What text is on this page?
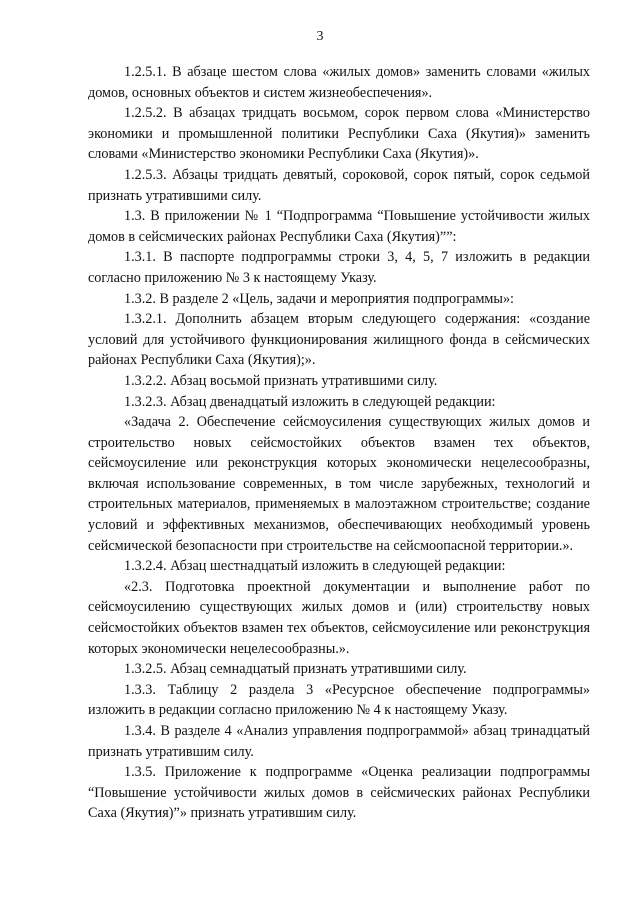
3

1.2.5.1. В абзаце шестом слова «жилых домов» заменить словами «жилых домов, основных объектов и систем жизнеобеспечения».

1.2.5.2. В абзацах тридцать восьмом, сорок первом слова «Министерство экономики и промышленной политики Республики Саха (Якутия)» заменить словами «Министерство экономики Республики Саха (Якутия)».

1.2.5.3. Абзацы тридцать девятый, сороковой, сорок пятый, сорок седьмой признать утратившими силу.

1.3. В приложении № 1 “Подпрограмма “Повышение устойчивости жилых домов в сейсмических районах Республики Саха (Якутия)””:

1.3.1. В паспорте подпрограммы строки 3, 4, 5, 7 изложить в редакции согласно приложению № 3 к настоящему Указу.

1.3.2. В разделе 2 «Цель, задачи и мероприятия подпрограммы»:

1.3.2.1. Дополнить абзацем вторым следующего содержания: «создание условий для устойчивого функционирования жилищного фонда в сейсмических районах Республики Саха (Якутия);».

1.3.2.2. Абзац восьмой признать утратившими силу.

1.3.2.3. Абзац двенадцатый изложить в следующей редакции:

«Задача 2. Обеспечение сейсмоусиления существующих жилых домов и строительство новых сейсмостойких объектов взамен тех объектов, сейсмоусиление или реконструкция которых экономически нецелесообразны, включая использование современных, в том числе зарубежных, технологий и строительных материалов, применяемых в малоэтажном строительстве; создание условий и эффективных механизмов, обеспечивающих необходимый уровень сейсмической безопасности при строительстве на сейсмоопасной территории.».

1.3.2.4. Абзац шестнадцатый изложить в следующей редакции:

«2.3. Подготовка проектной документации и выполнение работ по сейсмоусилению существующих жилых домов и (или) строительству новых сейсмостойких объектов взамен тех объектов, сейсмоусиление или реконструкция которых экономически нецелесообразны.».

1.3.2.5. Абзац семнадцатый признать утратившими силу.

1.3.3. Таблицу 2 раздела 3 «Ресурсное обеспечение подпрограммы» изложить в редакции согласно приложению № 4 к настоящему Указу.

1.3.4. В разделе 4 «Анализ управления подпрограммой» абзац тринадцатый признать утратившим силу.

1.3.5. Приложение к подпрограмме «Оценка реализации подпрограммы “Повышение устойчивости жилых домов в сейсмических районах Республики Саха (Якутия)”» признать утратившим силу.
